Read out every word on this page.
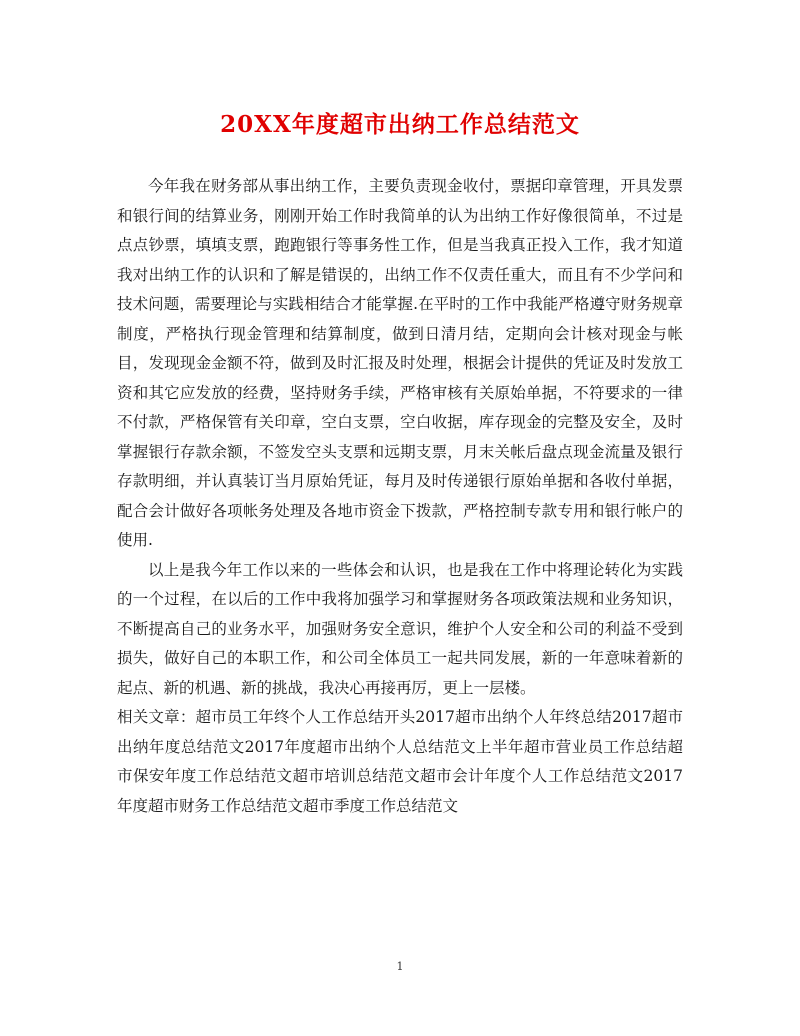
20XX年度超市出纳工作总结范文

今年我在财务部从事出纳工作，主要负责现金收付，票据印章管理，开具发票和银行间的结算业务，刚刚开始工作时我简单的认为出纳工作好像很简单，不过是点点钞票，填填支票，跑跑银行等事务性工作，但是当我真正投入工作，我才知道我对出纳工作的认识和了解是错误的，出纳工作不仅责任重大，而且有不少学问和技术问题，需要理论与实践相结合才能掌握.在平时的工作中我能严格遵守财务规章制度，严格执行现金管理和结算制度，做到日清月结，定期向会计核对现金与帐目，发现现金金额不符，做到及时汇报及时处理，根据会计提供的凭证及时发放工资和其它应发放的经费，坚持财务手续，严格审核有关原始单据，不符要求的一律不付款，严格保管有关印章，空白支票，空白收据，库存现金的完整及安全，及时掌握银行存款余额，不签发空头支票和远期支票，月末关帐后盘点现金流量及银行存款明细，并认真装订当月原始凭证，每月及时传递银行原始单据和各收付单据，配合会计做好各项帐务处理及各地市资金下拨款，严格控制专款专用和银行帐户的使用.

以上是我今年工作以来的一些体会和认识，也是我在工作中将理论转化为实践的一个过程，在以后的工作中我将加强学习和掌握财务各项政策法规和业务知识，不断提高自己的业务水平，加强财务安全意识，维护个人安全和公司的利益不受到损失，做好自己的本职工作，和公司全体员工一起共同发展，新的一年意味着新的起点、新的机遇、新的挑战，我决心再接再厉，更上一层楼。

相关文章：超市员工年终个人工作总结开头2017超市出纳个人年终总结2017超市出纳年度总结范文2017年度超市出纳个人总结范文上半年超市营业员工作总结超市保安年度工作总结范文超市培训总结范文超市会计年度个人工作总结范文2017年度超市财务工作总结范文超市季度工作总结范文

1
